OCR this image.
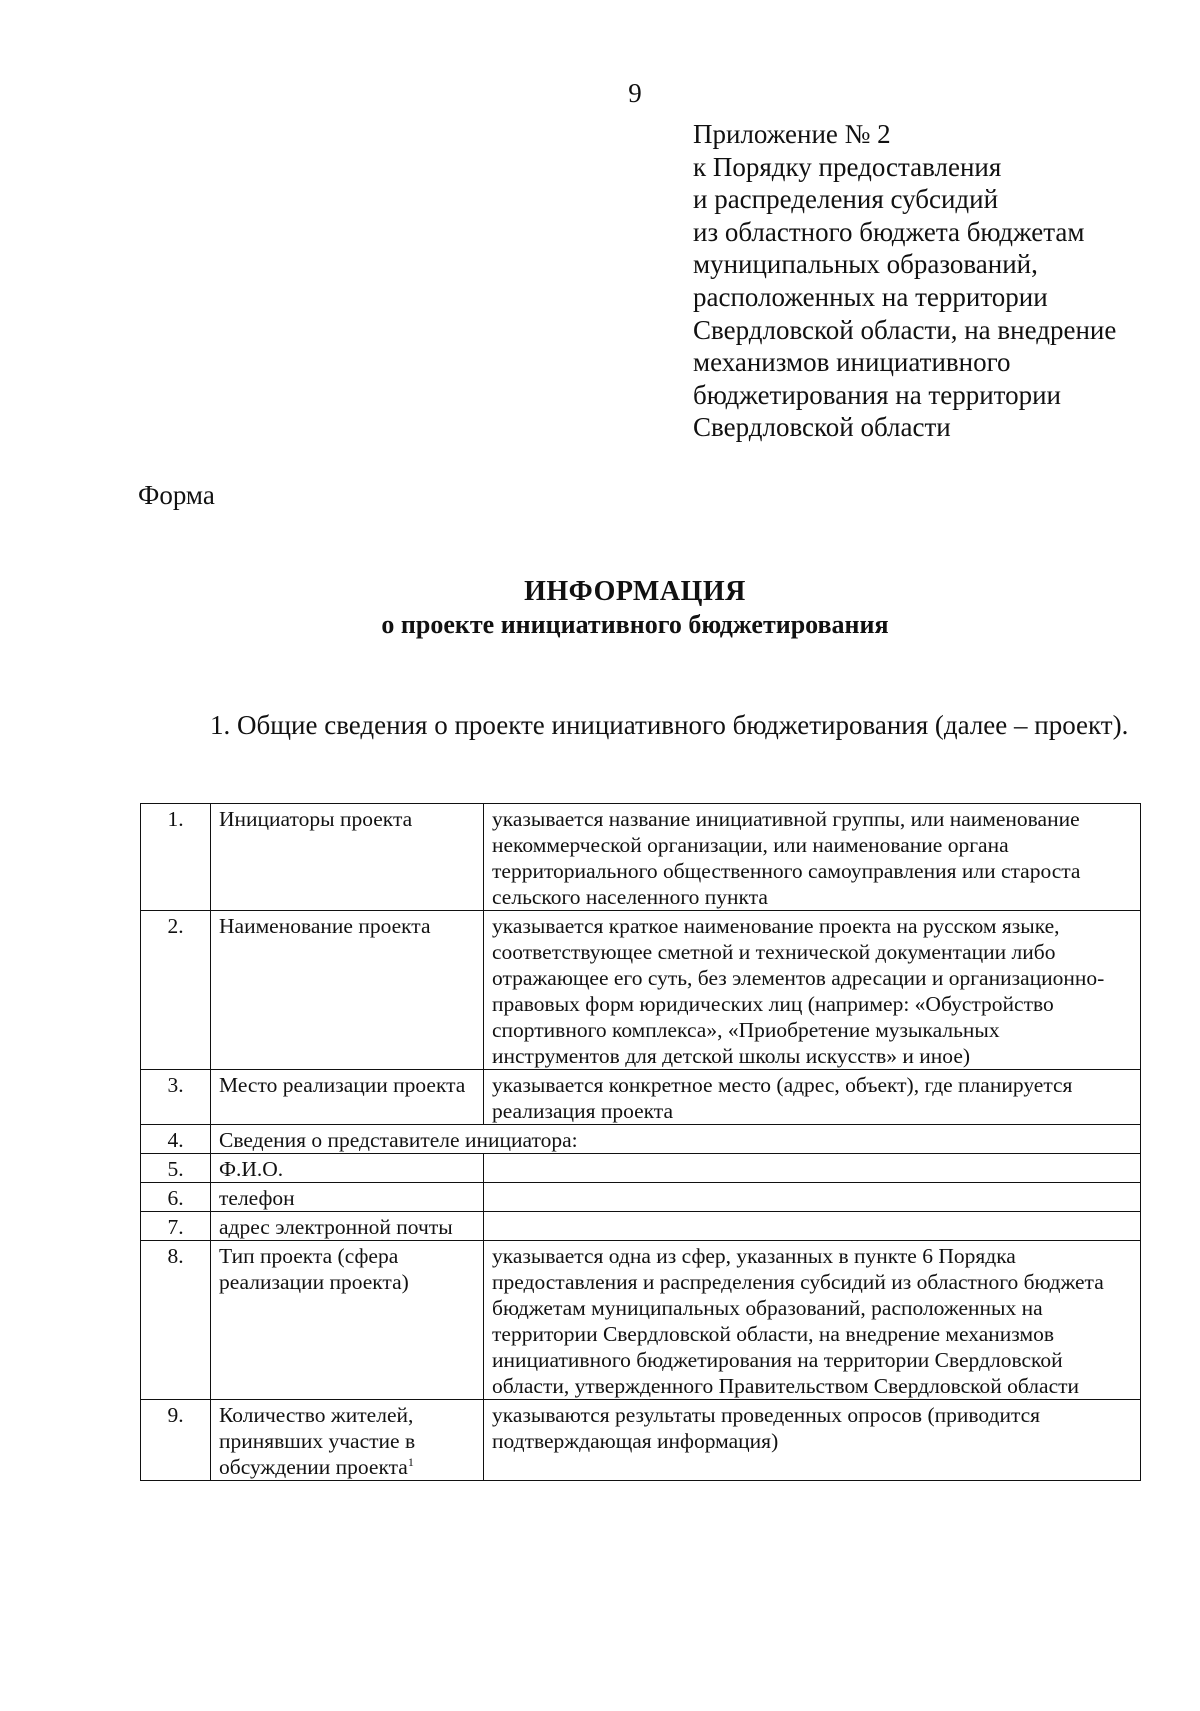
9
Приложение № 2
к Порядку предоставления
и распределения субсидий
из областного бюджета бюджетам
муниципальных образований,
расположенных на территории
Свердловской области, на внедрение
механизмов инициативного
бюджетирования на территории
Свердловской области
Форма
ИНФОРМАЦИЯ
о проекте инициативного бюджетирования
1. Общие сведения о проекте инициативного бюджетирования (далее – проект).
1.	Инициаторы проекта	указывается название инициативной группы, или наименование некоммерческой организации, или наименование органа территориального общественного самоуправления или староста сельского населенного пункта
2.	Наименование проекта	указывается краткое наименование проекта на русском языке, соответствующее сметной и технической документации либо отражающее его суть, без элементов адресации и организационно-правовых форм юридических лиц (например: «Обустройство спортивного комплекса», «Приобретение музыкальных инструментов для детской школы искусств» и иное)
3.	Место реализации проекта	указывается конкретное место (адрес, объект), где планируется реализация проекта
4.	Сведения о представителе инициатора:	
5.	Ф.И.О.	
6.	телефон	
7.	адрес электронной почты	
8.	Тип проекта (сфера реализации проекта)	указывается одна из сфер, указанных в пункте 6 Порядка предоставления и распределения субсидий из областного бюджета бюджетам муниципальных образований, расположенных на территории Свердловской области, на внедрение механизмов инициативного бюджетирования на территории Свердловской области, утвержденного Правительством Свердловской области
9.	Количество жителей, принявших участие в обсуждении проекта$^1$	указываются результаты проведенных опросов (приводится подтверждающая информация)
